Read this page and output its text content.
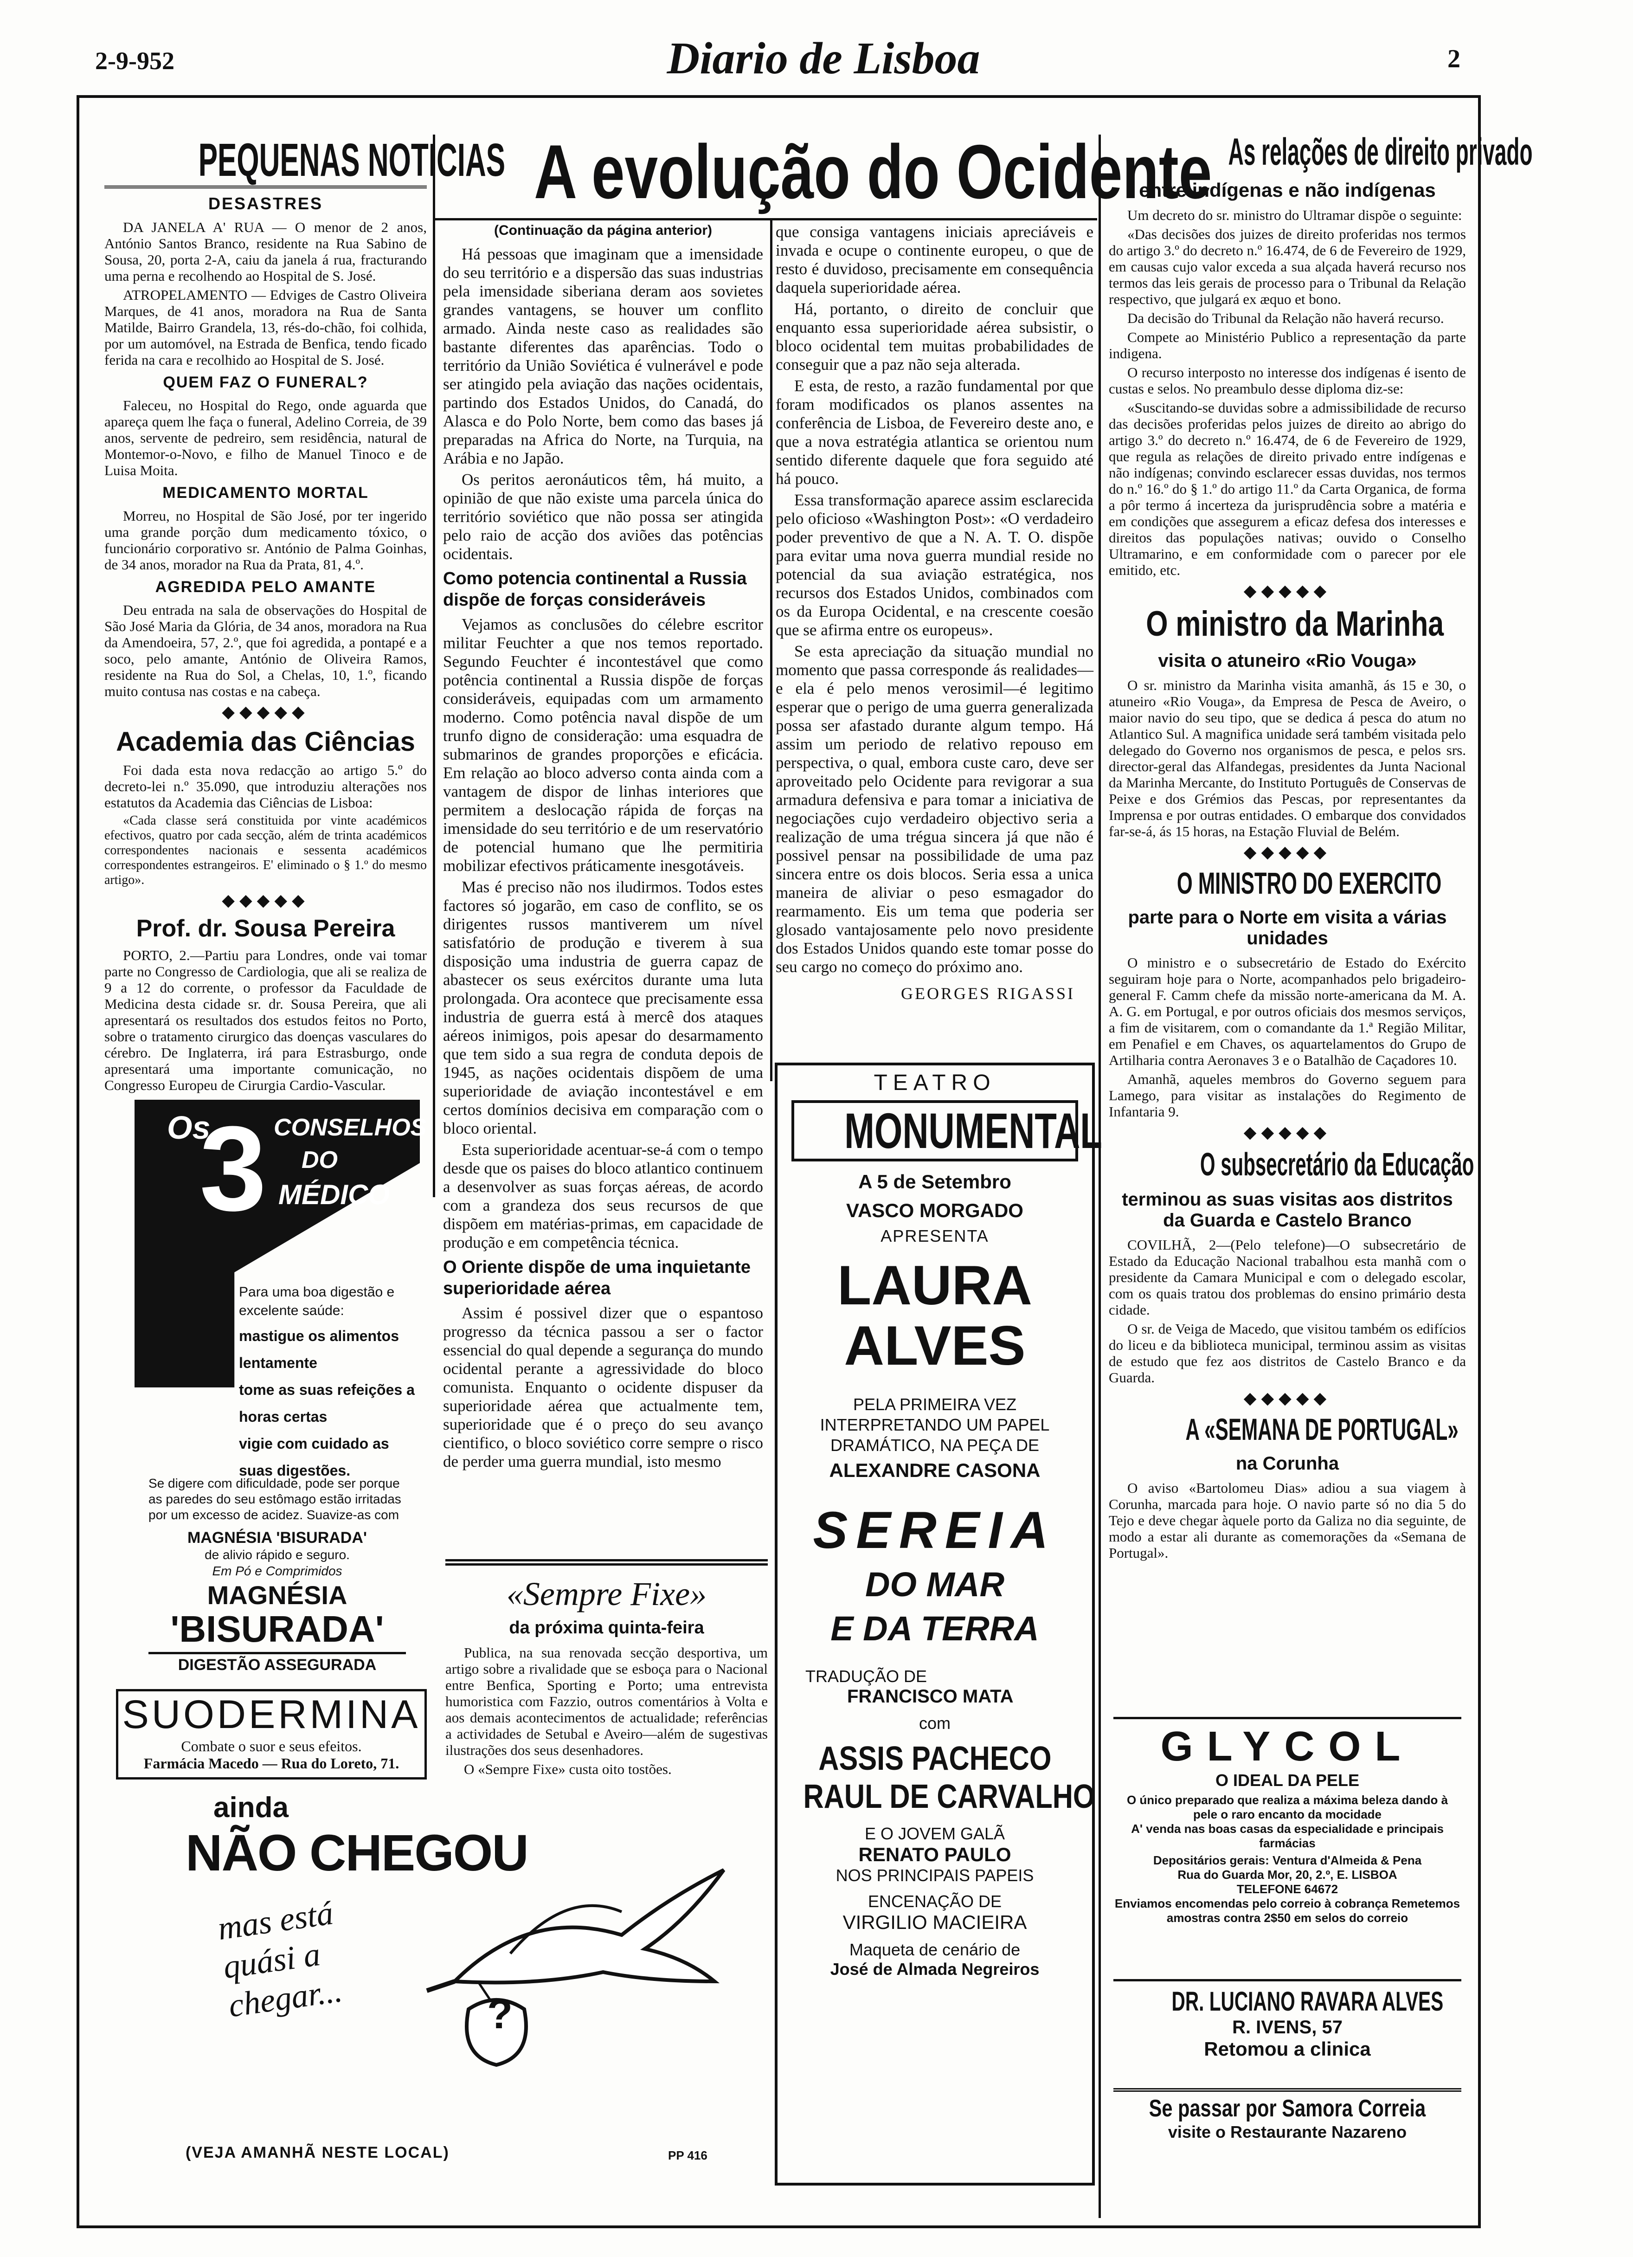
2-9-952	Diario de Lisboa	2
PEQUENAS NOTICIAS
DESASTRES

DA JANELA A' RUA — O menor de 2 anos, António Santos Branco, residente na Rua Sabino de Sousa, 20, porta 2-A, caiu da janela á rua, fracturando uma perna e recolhendo ao Hospital de S. José.

ATROPELAMENTO — Edviges de Castro Oliveira Marques, de 41 anos, moradora na Rua de Santa Matilde, Bairro Grandela, 13, rés-do-chão, foi colhida, por um automóvel, na Estrada de Benfica, tendo ficado ferida na cara e recolhido ao Hospital de S. José.

QUEM FAZ O FUNERAL?

Faleceu, no Hospital do Rego, onde aguarda que apareça quem lhe faça o funeral, Adelino Correia, de 39 anos, servente de pedreiro, sem residência, natural de Montemor-o-Novo, e filho de Manuel Tinoco e de Luisa Moita.

MEDICAMENTO MORTAL

Morreu, no Hospital de São José, por ter ingerido uma grande porção dum medicamento tóxico, o funcionário corporativo sr. António de Palma Goinhas, de 34 anos, morador na Rua da Prata, 81, 4.º.

AGREDIDA PELO AMANTE

Deu entrada na sala de observações do Hospital de São José Maria da Glória, de 34 anos, moradora na Rua da Amendoeira, 57, 2.º, que foi agredida, a pontapé e a soco, pelo amante, António de Oliveira Ramos, residente na Rua do Sol, a Chelas, 10, 1.º, ficando muito contusa nas costas e na cabeça.

◆◆◆◆◆
Academia das Ciências

Foi dada esta nova redacção ao artigo 5.º do decreto-lei n.º 35.090, que introduziu alterações nos estatutos da Academia das Ciências de Lisboa:

«Cada classe será constituida por vinte académicos efectivos, quatro por cada secção, além de trinta académicos correspondentes nacionais e sessenta académicos correspondentes estrangeiros. E' eliminado o § 1.º do mesmo artigo».

◆◆◆◆◆
Prof. dr. Sousa Pereira

PORTO, 2.—Partiu para Londres, onde vai tomar parte no Congresso de Cardiologia, que ali se realiza de 9 a 12 do corrente, o professor da Faculdade de Medicina desta cidade sr. dr. Sousa Pereira, que ali apresentará os resultados dos estudos feitos no Porto, sobre o tratamento cirurgico das doenças vasculares do cérebro. De Inglaterra, irá para Estrasburgo, onde apresentará uma importante comunicação, no Congresso Europeu de Cirurgia Cardio-Vascular.

Os
3 CONSELHOS
DO
MÉDICO
Para uma boa digestão e excelente saúde:
mastigue os alimentos lentamente
tome as suas refeições a horas certas
vigie com cuidado as suas digestões.
Se digere com dificuldade, pode ser porque as paredes do seu estômago estão irritadas por um excesso de acidez. Suavize-as com
MAGNÉSIA 'BISURADA'
de alivio rápido e seguro.
Em Pó e Comprimidos
MAGNÉSIA
'BISURADA'
DIGESTÃO ASSEGURADA
SUODERMINA
Combate o suor e seus efeitos.
Farmácia Macedo — Rua do Loreto, 71.
ainda
NÃO CHEGOU
mas está quási a chegar...	?
(VEJA AMANHÃ NESTE LOCAL)	PP 416
A evolução do Ocidente
(Continuação da página anterior)

Há pessoas que imaginam que a imensidade do seu território e a dispersão das suas industrias pela imensidade siberiana deram aos sovietes grandes vantagens, se houver um conflito armado. Ainda neste caso as realidades são bastante diferentes das aparências. Todo o território da União Soviética é vulnerável e pode ser atingido pela aviação das nações ocidentais, partindo dos Estados Unidos, do Canadá, do Alasca e do Polo Norte, bem como das bases já preparadas na Africa do Norte, na Turquia, na Arábia e no Japão.

Os peritos aeronáuticos têm, há muito, a opinião de que não existe uma parcela única do território soviético que não possa ser atingida pelo raio de acção dos aviões das potências ocidentais.

Como potencia continental a Russia dispõe de forças consideráveis

Vejamos as conclusões do célebre escritor militar Feuchter a que nos temos reportado. Segundo Feuchter é incontestável que como potência continental a Russia dispõe de forças consideráveis, equipadas com um armamento moderno. Como potência naval dispõe de um trunfo digno de consideração: uma esquadra de submarinos de grandes proporções e eficácia. Em relação ao bloco adverso conta ainda com a vantagem de dispor de linhas interiores que permitem a deslocação rápida de forças na imensidade do seu território e de um reservatório de potencial humano que lhe permitiria mobilizar efectivos práticamente inesgotáveis.

Mas é preciso não nos iludirmos. Todos estes factores só jogarão, em caso de conflito, se os dirigentes russos mantiverem um nível satisfatório de produção e tiverem à sua disposição uma industria de guerra capaz de abastecer os seus exércitos durante uma luta prolongada. Ora acontece que precisamente essa industria de guerra está à mercê dos ataques aéreos inimigos, pois apesar do desarmamento que tem sido a sua regra de conduta depois de 1945, as nações ocidentais dispõem de uma superioridade de aviação incontestável e em certos domínios decisiva em comparação com o bloco oriental.

Esta superioridade acentuar-se-á com o tempo desde que os paises do bloco atlantico continuem a desenvolver as suas forças aéreas, de acordo com a grandeza dos seus recursos de que dispõem em matérias-primas, em capacidade de produção e em competência técnica.

O Oriente dispõe de uma inquietante superioridade aérea

Assim é possivel dizer que o espantoso progresso da técnica passou a ser o factor essencial do qual depende a segurança do mundo ocidental perante a agressividade do bloco comunista. Enquanto o ocidente dispuser da superioridade aérea que actualmente tem, superioridade que é o preço do seu avanço cientifico, o bloco soviético corre sempre o risco de perder uma guerra mundial, isto mesmo

que consiga vantagens iniciais apreciáveis e invada e ocupe o continente europeu, o que de resto é duvidoso, precisamente em consequência daquela superioridade aérea.

Há, portanto, o direito de concluir que enquanto essa superioridade aérea subsistir, o bloco ocidental tem muitas probabilidades de conseguir que a paz não seja alterada.

E esta, de resto, a razão fundamental por que foram modificados os planos assentes na conferência de Lisboa, de Fevereiro deste ano, e que a nova estratégia atlantica se orientou num sentido diferente daquele que fora seguido até há pouco.

Essa transformação aparece assim esclarecida pelo oficioso «Washington Post»: «O verdadeiro poder preventivo de que a N. A. T. O. dispõe para evitar uma nova guerra mundial reside no potencial da sua aviação estratégica, nos recursos dos Estados Unidos, combinados com os da Europa Ocidental, e na crescente coesão que se afirma entre os europeus».

Se esta apreciação da situação mundial no momento que passa corresponde ás realidades—e ela é pelo menos verosimil—é legitimo esperar que o perigo de uma guerra generalizada possa ser afastado durante algum tempo. Há assim um periodo de relativo repouso em perspectiva, o qual, embora custe caro, deve ser aproveitado pelo Ocidente para revigorar a sua armadura defensiva e para tomar a iniciativa de negociações cujo verdadeiro objectivo seria a realização de uma trégua sincera já que não é possivel pensar na possibilidade de uma paz sincera entre os dois blocos. Seria essa a unica maneira de aliviar o peso esmagador do rearmamento. Eis um tema que poderia ser glosado vantajosamente pelo novo presidente dos Estados Unidos quando este tomar posse do seu cargo no começo do próximo ano.

GEORGES RIGASSI
«Sempre Fixe»
da próxima quinta-feira

Publica, na sua renovada secção desportiva, um artigo sobre a rivalidade que se esboça para o Nacional entre Benfica, Sporting e Porto; uma entrevista humoristica com Fazzio, outros comentários à Volta e aos demais acontecimentos de actualidade; referências a actividades de Setubal e Aveiro—além de sugestivas ilustrações dos seus desenhadores.

O «Sempre Fixe» custa oito tostões.

TEATRO
MONUMENTAL
A 5 de Setembro
VASCO MORGADO
APRESENTA
LAURA
ALVES
PELA PRIMEIRA VEZ INTERPRETANDO UM PAPEL DRAMÁTICO, NA PEÇA DE
ALEXANDRE CASONA
SEREIA
DO MAR
E DA TERRA
TRADUÇÃO DE
FRANCISCO MATA
com
ASSIS PACHECO
RAUL DE CARVALHO
E O JOVEM GALÃ
RENATO PAULO
NOS PRINCIPAIS PAPEIS
ENCENAÇÃO DE
VIRGILIO MACIEIRA
Maqueta de cenário de
José de Almada Negreiros
As relações de direito privado
entre indígenas e não indígenas

Um decreto do sr. ministro do Ultramar dispõe o seguinte:

«Das decisões dos juizes de direito proferidas nos termos do artigo 3.º do decreto n.º 16.474, de 6 de Fevereiro de 1929, em causas cujo valor exceda a sua alçada haverá recurso nos termos das leis gerais de processo para o Tribunal da Relação respectivo, que julgará ex æquo et bono.

Da decisão do Tribunal da Relação não haverá recurso.

Compete ao Ministério Publico a representação da parte indigena.

O recurso interposto no interesse dos indígenas é isento de custas e selos. No preambulo desse diploma diz-se:

«Suscitando-se duvidas sobre a admissibilidade de recurso das decisões proferidas pelos juizes de direito ao abrigo do artigo 3.º do decreto n.º 16.474, de 6 de Fevereiro de 1929, que regula as relações de direito privado entre indígenas e não indígenas; convindo esclarecer essas duvidas, nos termos do n.º 16.º do § 1.º do artigo 11.º da Carta Organica, de forma a pôr termo á incerteza da jurisprudência sobre a matéria e em condições que assegurem a eficaz defesa dos interesses e direitos das populações nativas; ouvido o Conselho Ultramarino, e em conformidade com o parecer por ele emitido, etc.

◆◆◆◆◆
O ministro da Marinha
visita o atuneiro «Rio Vouga»

O sr. ministro da Marinha visita amanhã, ás 15 e 30, o atuneiro «Rio Vouga», da Empresa de Pesca de Aveiro, o maior navio do seu tipo, que se dedica á pesca do atum no Atlantico Sul. A magnifica unidade será também visitada pelo delegado do Governo nos organismos de pesca, e pelos srs. director-geral das Alfandegas, presidentes da Junta Nacional da Marinha Mercante, do Instituto Português de Conservas de Peixe e dos Grémios das Pescas, por representantes da Imprensa e por outras entidades. O embarque dos convidados far-se-á, ás 15 horas, na Estação Fluvial de Belém.

◆◆◆◆◆
O MINISTRO DO EXERCITO
parte para o Norte em visita a várias unidades

O ministro e o subsecretário de Estado do Exército seguiram hoje para o Norte, acompanhados pelo brigadeiro-general F. Camm chefe da missão norte-americana da M. A. A. G. em Portugal, e por outros oficiais dos mesmos serviços, a fim de visitarem, com o comandante da 1.ª Região Militar, em Penafiel e em Chaves, os aquartelamentos do Grupo de Artilharia contra Aeronaves 3 e o Batalhão de Caçadores 10.

Amanhã, aqueles membros do Governo seguem para Lamego, para visitar as instalações do Regimento de Infantaria 9.

◆◆◆◆◆
O subsecretário da Educação
terminou as suas visitas aos distritos da Guarda e Castelo Branco

COVILHÃ, 2—(Pelo telefone)—O subsecretário de Estado da Educação Nacional trabalhou esta manhã com o presidente da Camara Municipal e com o delegado escolar, com os quais tratou dos problemas do ensino primário desta cidade.

O sr. de Veiga de Macedo, que visitou também os edifícios do liceu e da biblioteca municipal, terminou assim as visitas de estudo que fez aos distritos de Castelo Branco e da Guarda.

◆◆◆◆◆
A «SEMANA DE PORTUGAL»
na Corunha

O aviso «Bartolomeu Dias» adiou a sua viagem à Corunha, marcada para hoje. O navio parte só no dia 5 do Tejo e deve chegar àquele porto da Galiza no dia seguinte, de modo a estar ali durante as comemorações da «Semana de Portugal».

GLYCOL
O IDEAL DA PELE
O único preparado que realiza a máxima beleza dando à pele o raro encanto da mocidade
A' venda nas boas casas da especialidade e principais farmácias
Depositários gerais: Ventura d'Almeida & Pena
Rua do Guarda Mor, 20, 2.º, E. LISBOA
TELEFONE 64672
Enviamos encomendas pelo correio à cobrança Remetemos amostras contra 2$50 em selos do correio
DR. LUCIANO RAVARA ALVES
R. IVENS, 57
Retomou a clinica
Se passar por Samora Correia
visite o Restaurante Nazareno
